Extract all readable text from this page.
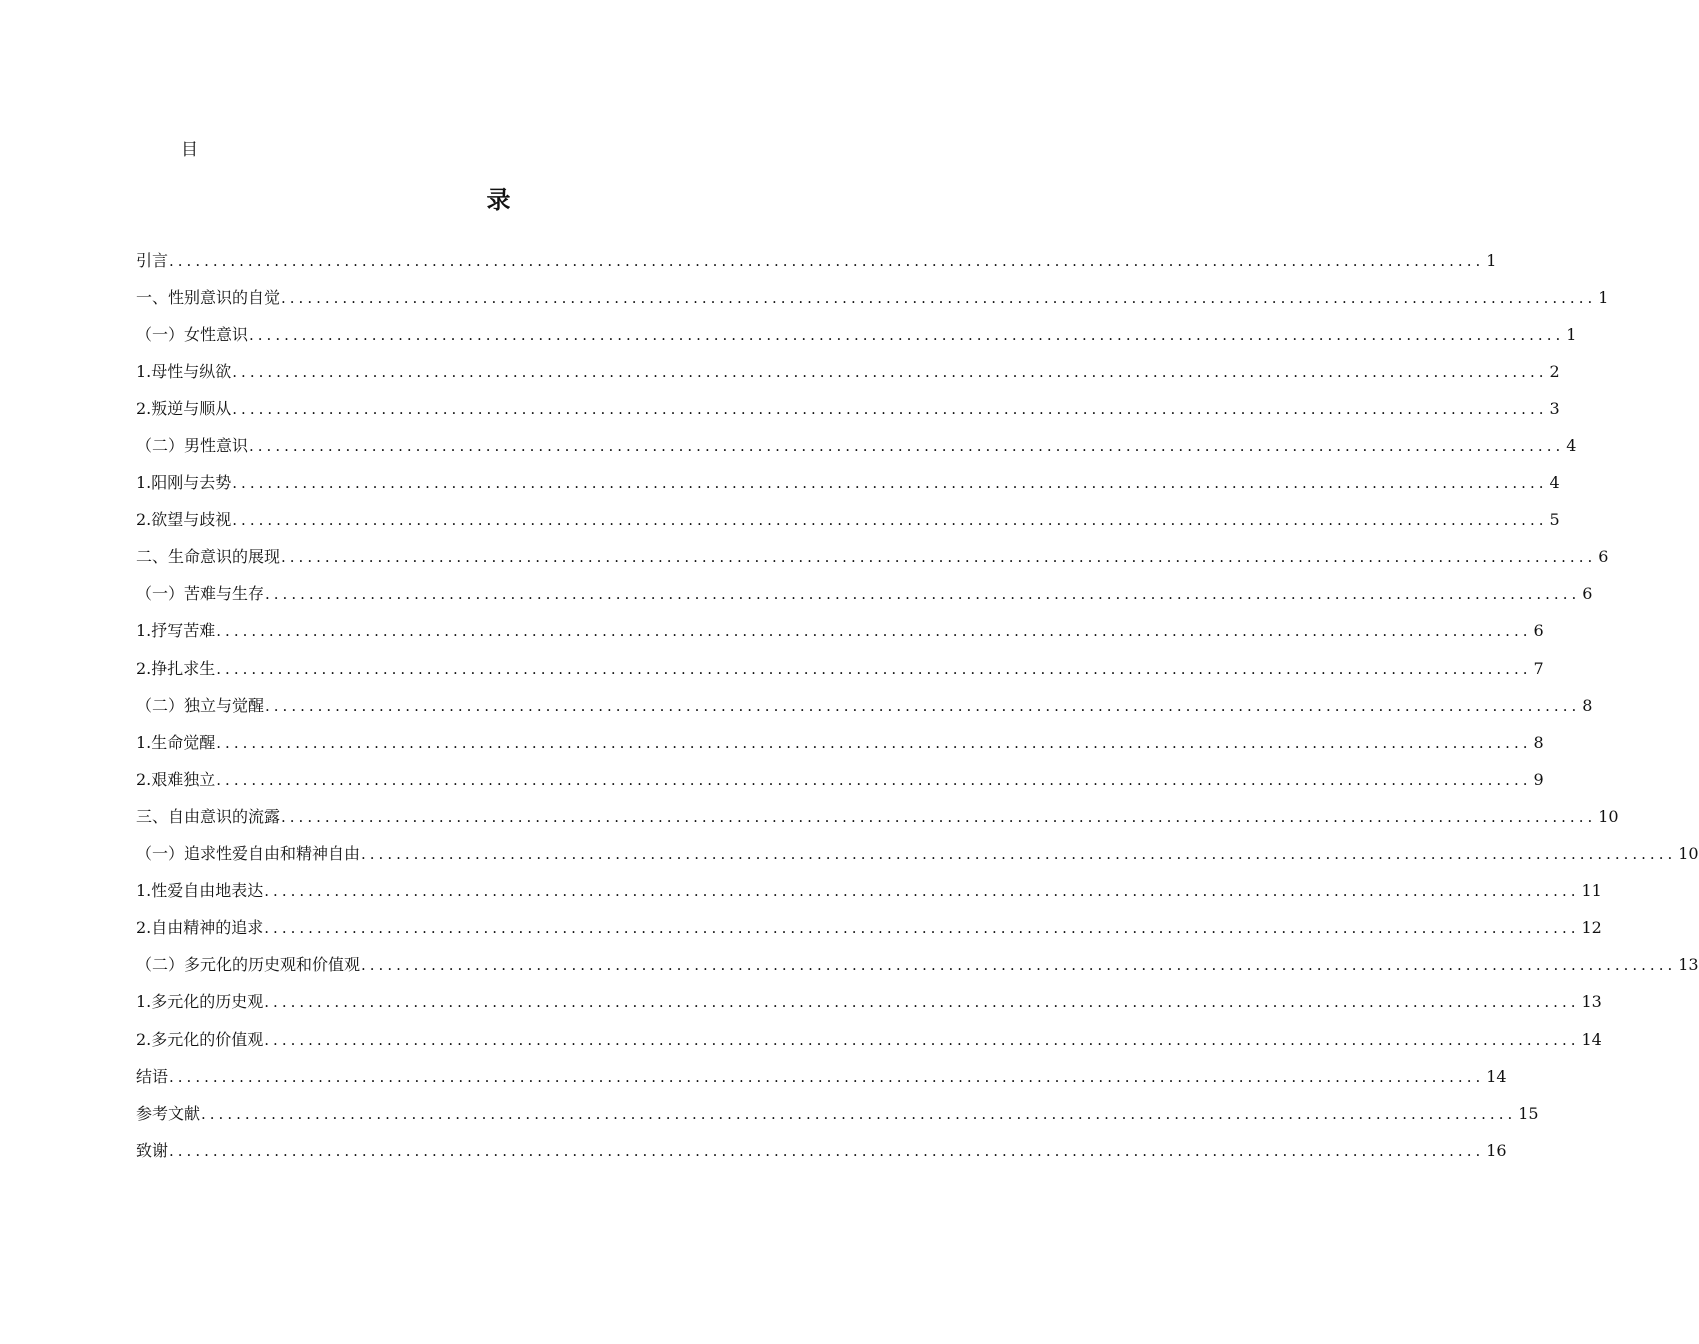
目
录
引言 ...................................................................................................................................................... 1
一、性别意识的自觉 ...................................................................................................................................................... 1
（一）女性意识 ...................................................................................................................................................... 1
1.母性与纵欲 ...................................................................................................................................................... 2
2.叛逆与顺从 ...................................................................................................................................................... 3
（二）男性意识 ...................................................................................................................................................... 4
1.阳刚与去势 ...................................................................................................................................................... 4
2.欲望与歧视 ...................................................................................................................................................... 5
二、生命意识的展现 ...................................................................................................................................................... 6
（一）苦难与生存 ...................................................................................................................................................... 6
1.抒写苦难 ...................................................................................................................................................... 6
2.挣扎求生 ...................................................................................................................................................... 7
（二）独立与觉醒 ...................................................................................................................................................... 8
1.生命觉醒 ...................................................................................................................................................... 8
2.艰难独立 ...................................................................................................................................................... 9
三、自由意识的流露 ...................................................................................................................................................... 10
（一）追求性爱自由和精神自由 ...................................................................................................................................................... 10
1.性爱自由地表达 ...................................................................................................................................................... 11
2.自由精神的追求 ...................................................................................................................................................... 12
（二）多元化的历史观和价值观 ...................................................................................................................................................... 13
1.多元化的历史观 ...................................................................................................................................................... 13
2.多元化的价值观 ...................................................................................................................................................... 14
结语 ...................................................................................................................................................... 14
参考文献 ...................................................................................................................................................... 15
致谢 ...................................................................................................................................................... 16
